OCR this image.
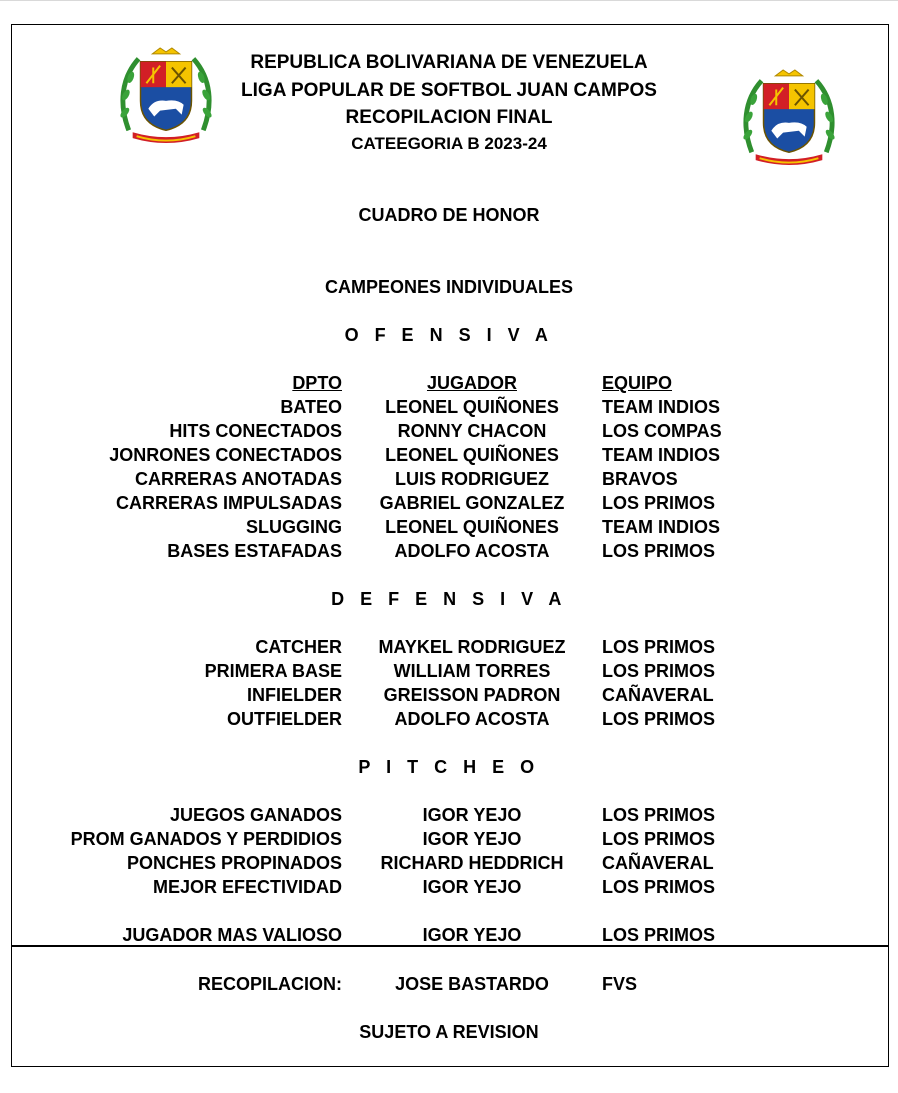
REPUBLICA BOLIVARIANA DE VENEZUELA
LIGA POPULAR DE SOFTBOL JUAN CAMPOS
RECOPILACION FINAL
CATEEGORIA B 2023-24
CUADRO DE HONOR
CAMPEONES INDIVIDUALES
O F E N S I V A
DPTO	JUGADOR	EQUIPO
BATEO	LEONEL QUIÑONES	TEAM INDIOS
HITS CONECTADOS	RONNY CHACON	LOS COMPAS
JONRONES CONECTADOS	LEONEL QUIÑONES	TEAM INDIOS
CARRERAS ANOTADAS	LUIS RODRIGUEZ	BRAVOS
CARRERAS IMPULSADAS	GABRIEL GONZALEZ	LOS PRIMOS
SLUGGING	LEONEL QUIÑONES	TEAM INDIOS
BASES ESTAFADAS	ADOLFO ACOSTA	LOS PRIMOS
D E F E N S I V A
CATCHER	MAYKEL RODRIGUEZ	LOS PRIMOS
PRIMERA BASE	WILLIAM TORRES	LOS PRIMOS
INFIELDER	GREISSON PADRON	CAÑAVERAL
OUTFIELDER	ADOLFO ACOSTA	LOS PRIMOS
P I T C H E O
JUEGOS GANADOS	IGOR YEJO	LOS PRIMOS
PROM GANADOS Y PERDIDIOS	IGOR YEJO	LOS PRIMOS
PONCHES PROPINADOS	RICHARD HEDDRICH	CAÑAVERAL
MEJOR EFECTIVIDAD	IGOR YEJO	LOS PRIMOS
JUGADOR MAS VALIOSO	IGOR YEJO	LOS PRIMOS
RECOPILACION:	JOSE BASTARDO	FVS
SUJETO A REVISION
